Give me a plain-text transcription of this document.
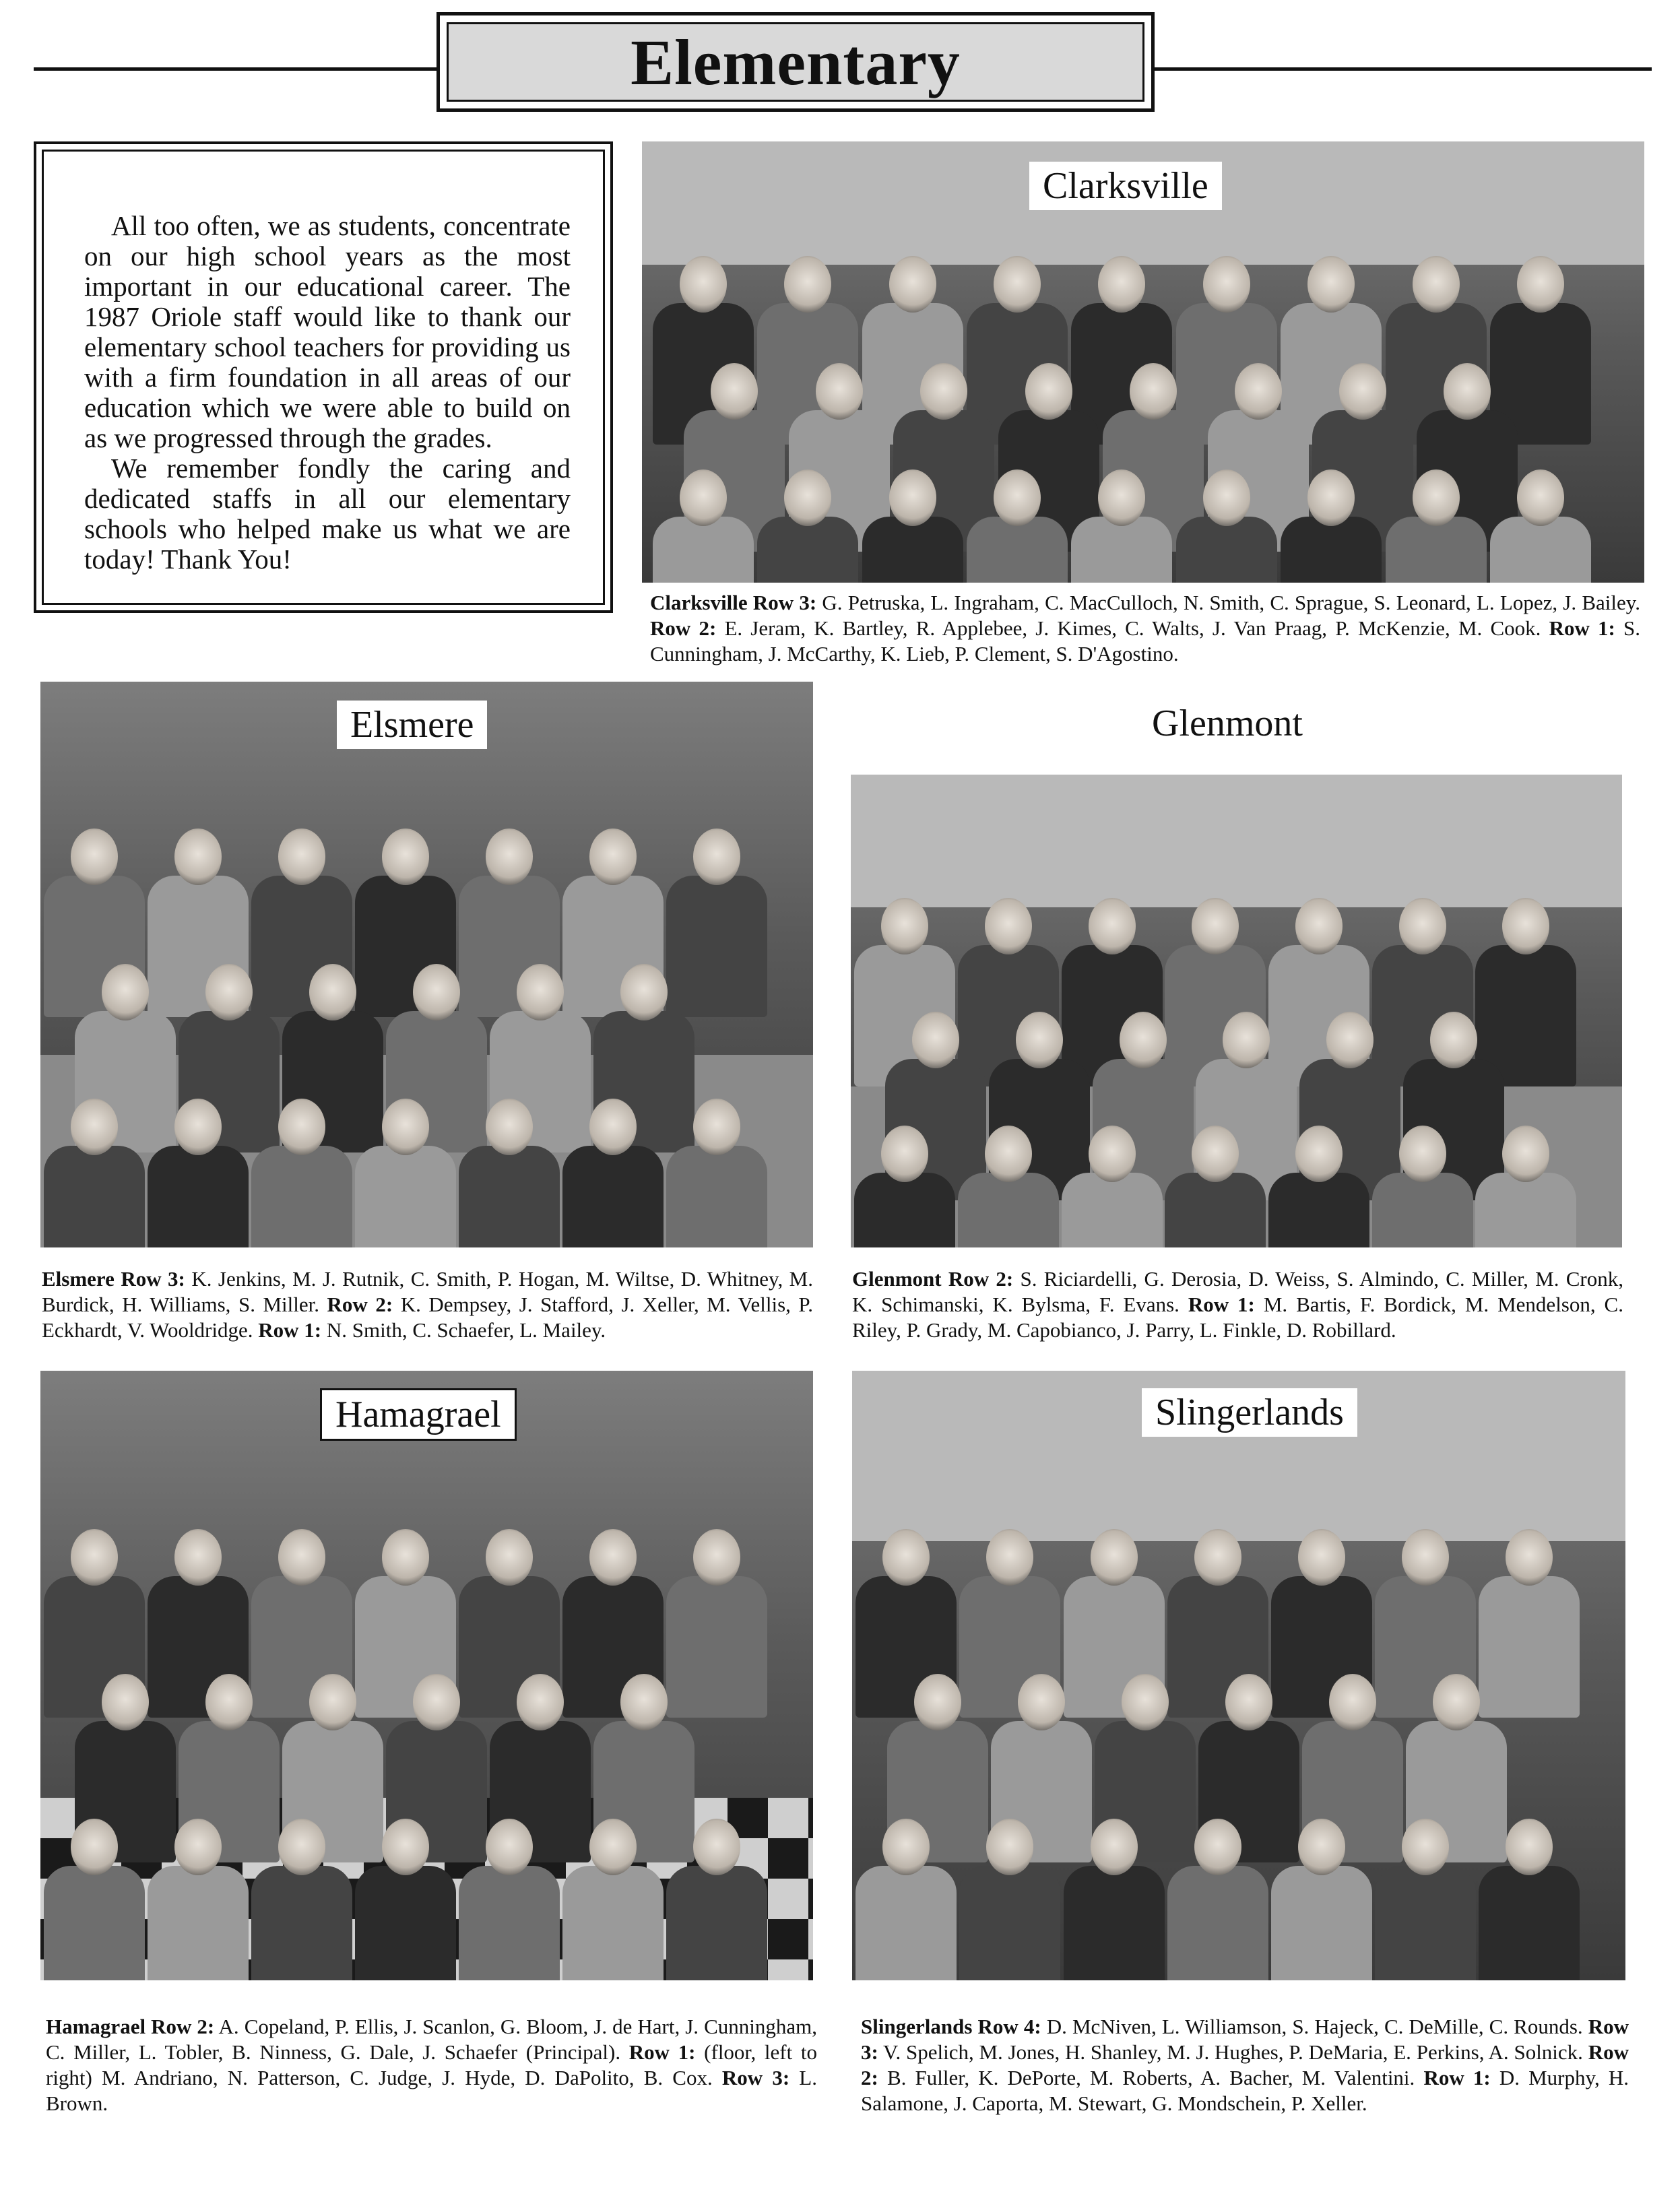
Elementary

All too often, we as students, concentrate on our high school years as the most important in our educational career. The 1987 Oriole staff would like to thank our elementary school teachers for providing us with a firm foundation in all areas of our education which we were able to build on as we progressed through the grades.

We remember fondly the caring and dedicated staffs in all our elementary schools who helped make us what we are today! Thank You!

Clarksville
Clarksville Row 3: G. Petruska, L. Ingraham, C. MacCulloch, N. Smith, C. Sprague, S. Leonard, L. Lopez, J. Bailey. Row 2: E. Jeram, K. Bartley, R. Applebee, J. Kimes, C. Walts, J. Van Praag, P. McKenzie, M. Cook. Row 1: S. Cunningham, J. McCarthy, K. Lieb, P. Clement, S. D'Agostino.
Elsmere
Elsmere Row 3: K. Jenkins, M. J. Rutnik, C. Smith, P. Hogan, M. Wiltse, D. Whitney, M. Burdick, H. Williams, S. Miller. Row 2: K. Dempsey, J. Stafford, J. Xeller, M. Vellis, P. Eckhardt, V. Wooldridge. Row 1: N. Smith, C. Schaefer, L. Mailey.
Glenmont
Glenmont Row 2: S. Riciardelli, G. Derosia, D. Weiss, S. Almindo, C. Miller, M. Cronk, K. Schimanski, K. Bylsma, F. Evans. Row 1: M. Bartis, F. Bordick, M. Mendelson, C. Riley, P. Grady, M. Capobianco, J. Parry, L. Finkle, D. Robillard.
Hamagrael
Hamagrael Row 2: A. Copeland, P. Ellis, J. Scanlon, G. Bloom, J. de Hart, J. Cunningham, C. Miller, L. Tobler, B. Ninness, G. Dale, J. Schaefer (Principal). Row 1: (floor, left to right) M. Andriano, N. Patterson, C. Judge, J. Hyde, D. DaPolito, B. Cox. Row 3: L. Brown.
Slingerlands
Slingerlands Row 4: D. McNiven, L. Williamson, S. Hajeck, C. DeMille, C. Rounds. Row 3: V. Spelich, M. Jones, H. Shanley, M. J. Hughes, P. DeMaria, E. Perkins, A. Solnick. Row 2: B. Fuller, K. DePorte, M. Roberts, A. Bacher, M. Valentini. Row 1: D. Murphy, H. Salamone, J. Caporta, M. Stewart, G. Mondschein, P. Xeller.
